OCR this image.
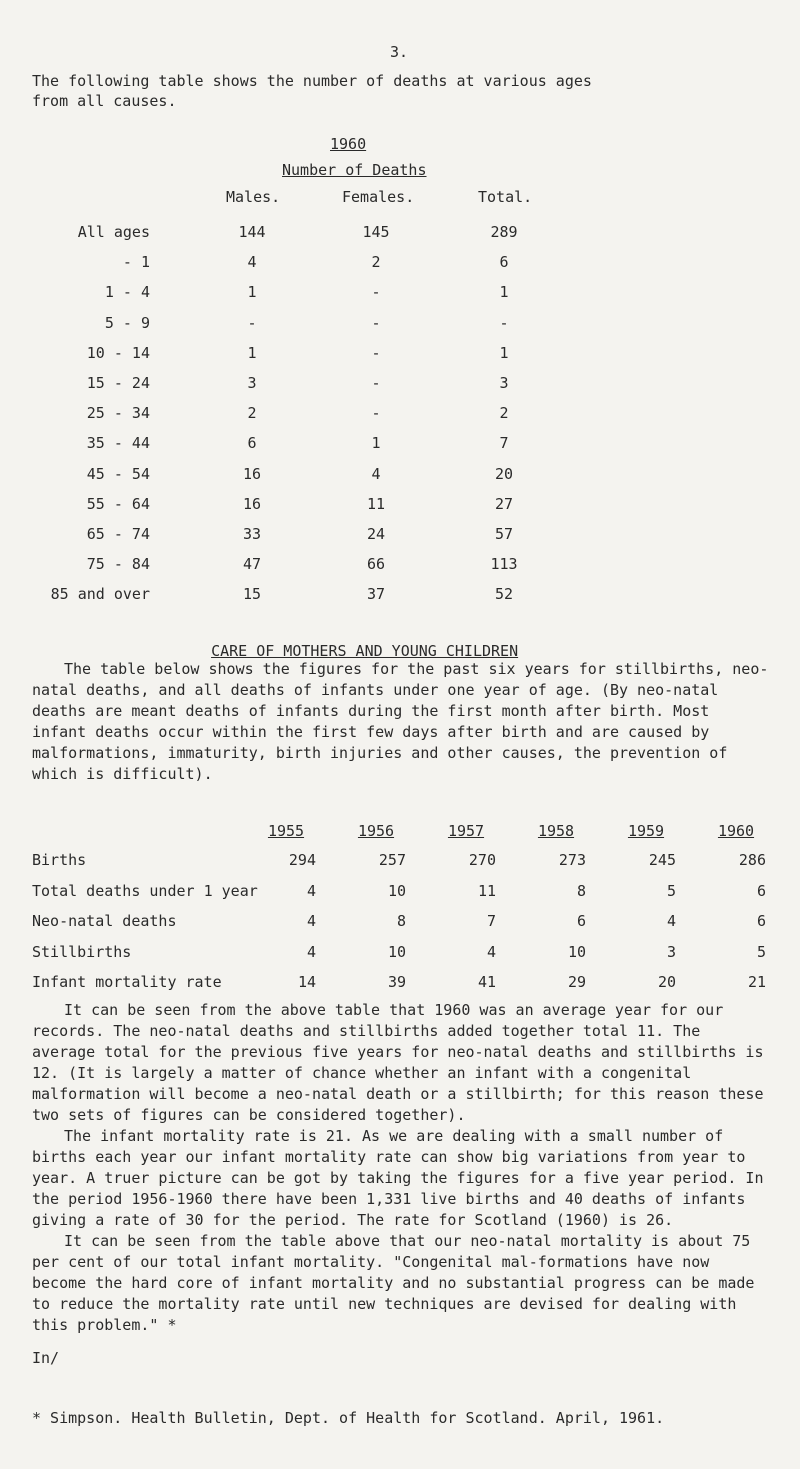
3.
The following table shows the number of deaths at various ages
from all causes.
1960
Number of Deaths
Males.	Females.	Total.
All ages	144	145	289
- 1	4	2	6
1 - 4	1	-	1
5 - 9	-	-	-
10 - 14	1	-	1
15 - 24	3	-	3
25 - 34	2	-	2
35 - 44	6	1	7
45 - 54	16	4	20
55 - 64	16	11	27
65 - 74	33	24	57
75 - 84	47	66	113
85 and over	15	37	52

CARE OF MOTHERS AND YOUNG CHILDREN

The table below shows the figures for the past six years for stillbirths, neo-natal deaths, and all deaths of infants under one year of age. (By neo-natal deaths are meant deaths of infants during the first month after birth. Most infant deaths occur within the first few days after birth and are caused by malformations, immaturity, birth injuries and other causes, the prevention of which is difficult).
1955	1956	1957	1958	1959	1960
Births	294	257	270	273	245	286
Total deaths under 1 year	4	10	11	8	5	6
Neo-natal deaths	4	8	7	6	4	6
Stillbirths	4	10	4	10	3	5
Infant mortality rate	14	39	41	29	20	21

It can be seen from the above table that 1960 was an average year for our records. The neo-natal deaths and stillbirths added together total 11. The average total for the previous five years for neo-natal deaths and stillbirths is 12. (It is largely a matter of chance whether an infant with a congenital malformation will become a neo-natal death or a stillbirth; for this reason these two sets of figures can be considered together).

The infant mortality rate is 21. As we are dealing with a small number of births each year our infant mortality rate can show big variations from year to year. A truer picture can be got by taking the figures for a five year period. In the period 1956-1960 there have been 1,331 live births and 40 deaths of infants giving a rate of 30 for the period. The rate for Scotland (1960) is 26.

It can be seen from the table above that our neo-natal mortality is about 75 per cent of our total infant mortality. "Congenital mal-formations have now become the hard core of infant mortality and no substantial progress can be made to reduce the mortality rate until new techniques are devised for dealing with this problem." *

In/
* Simpson. Health Bulletin, Dept. of Health for Scotland. April, 1961.
